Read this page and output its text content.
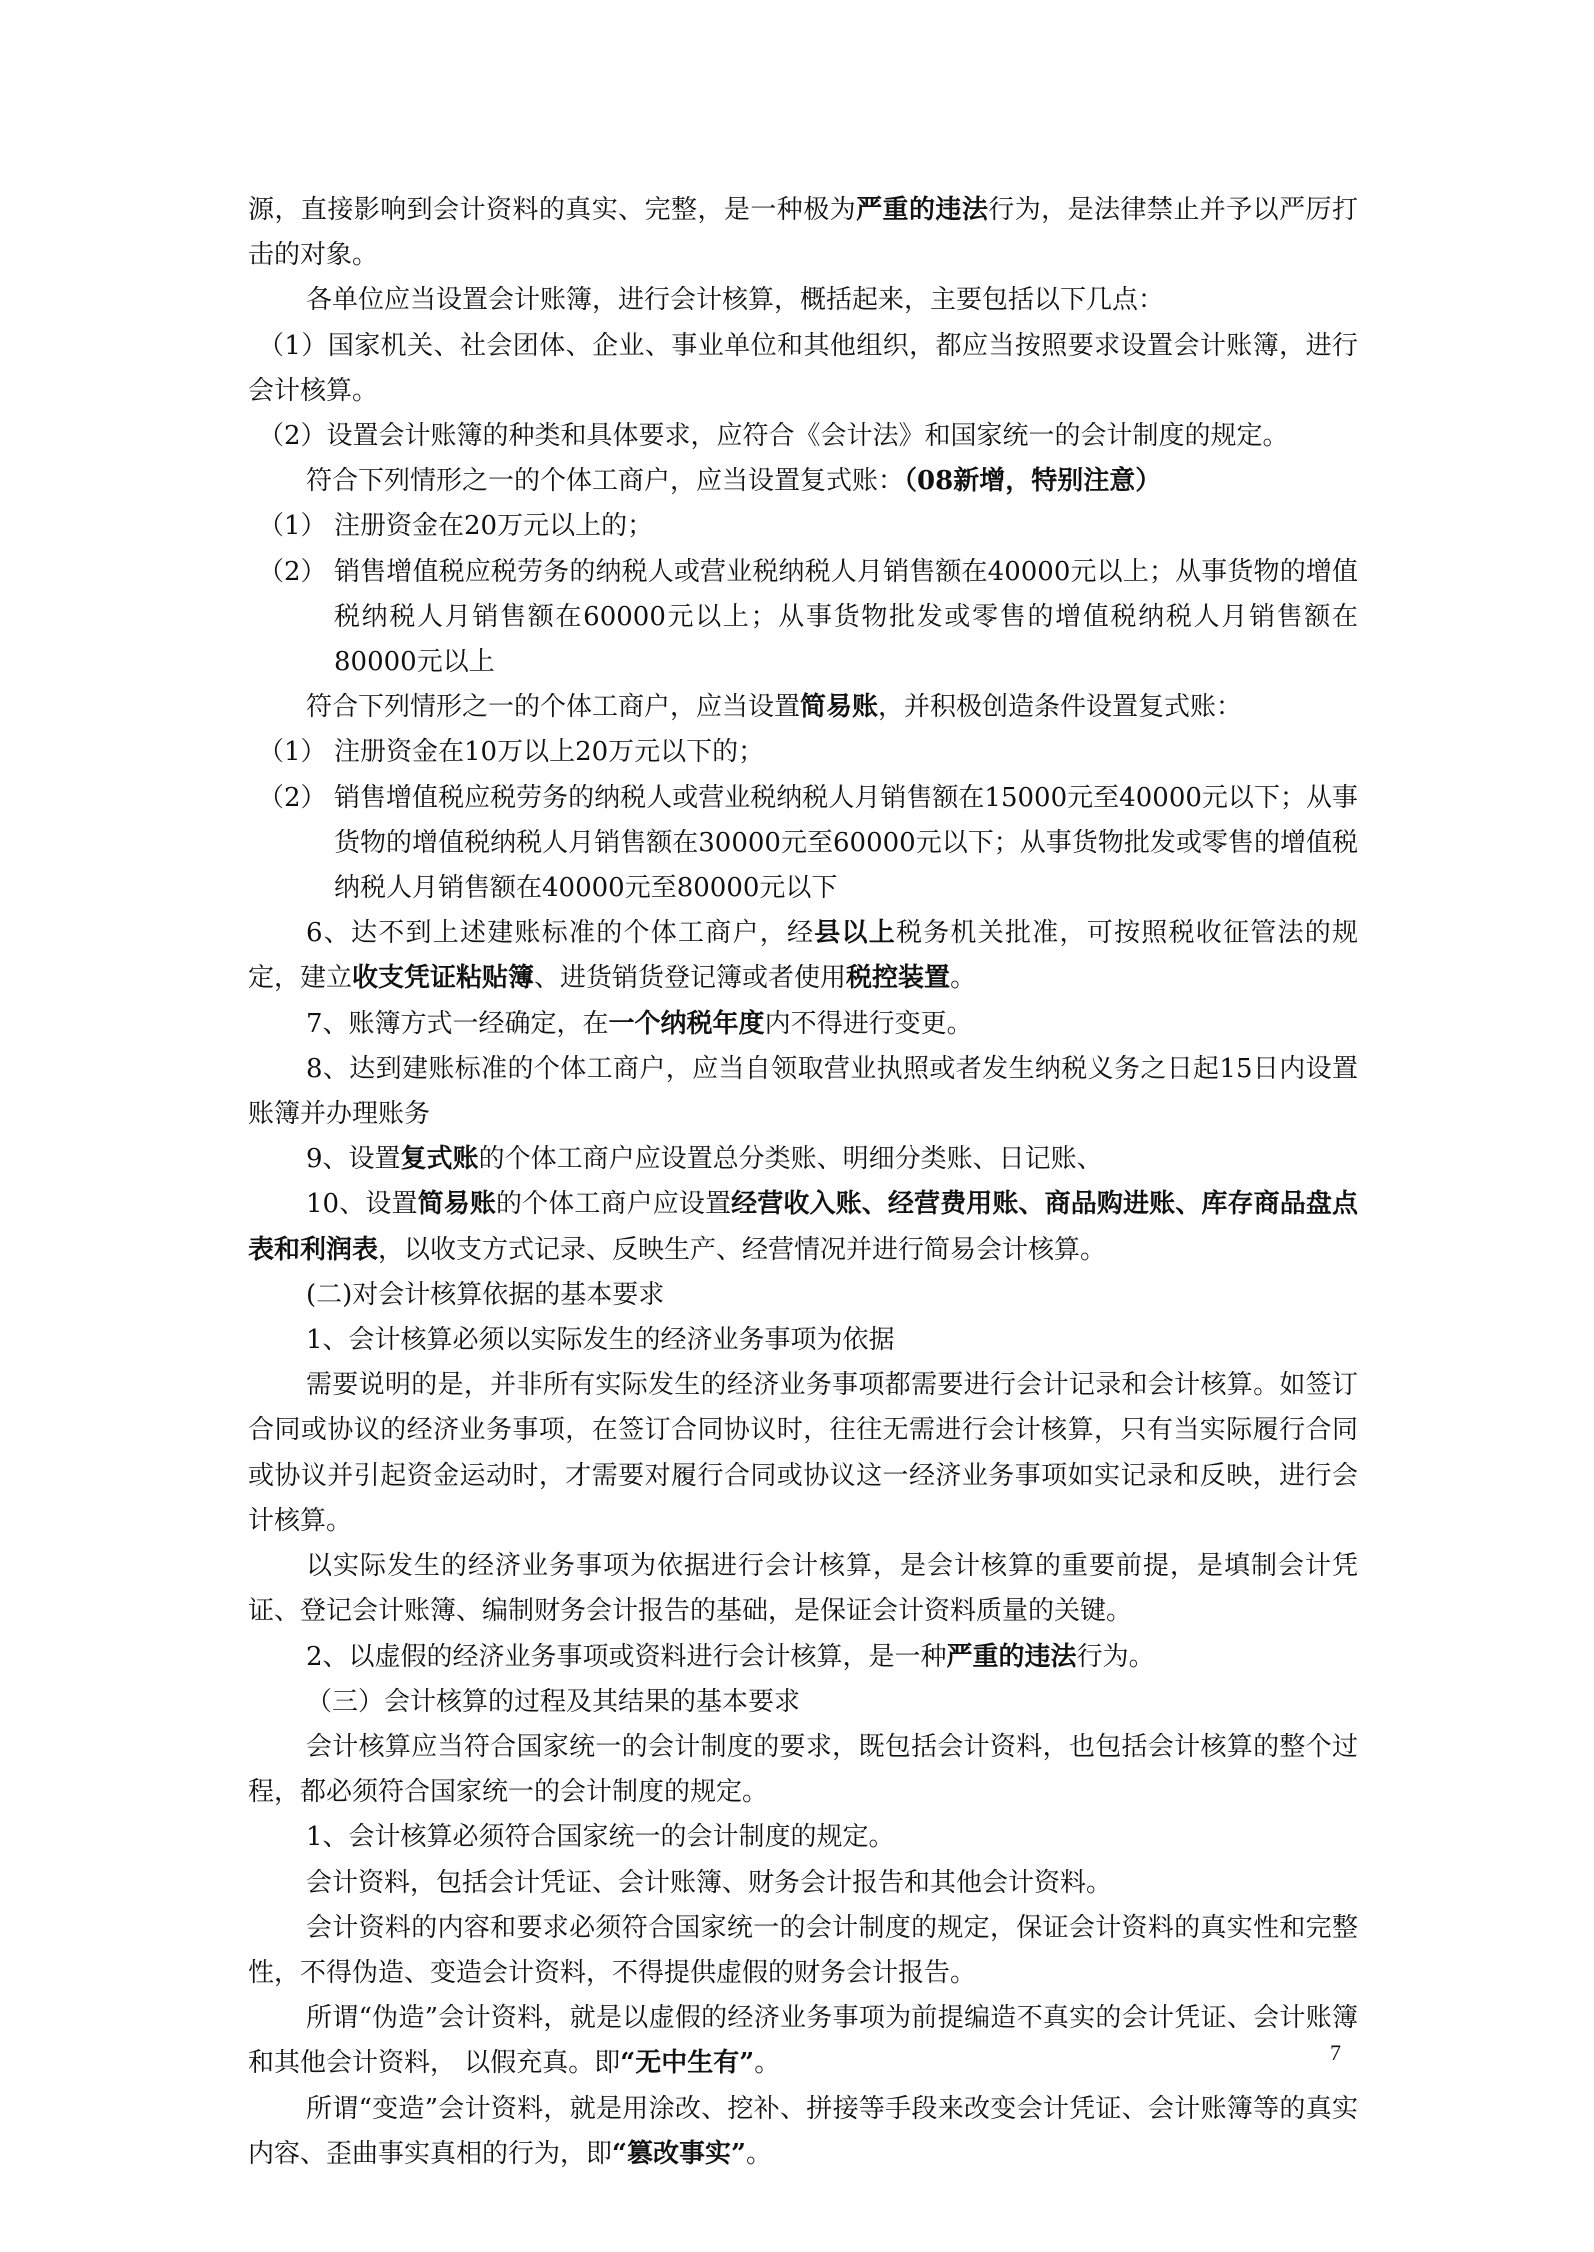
源，直接影响到会计资料的真实、完整，是一种极为严重的违法行为，是法律禁止并予以严厉打击的对象。
各单位应当设置会计账簿，进行会计核算，概括起来，主要包括以下几点：
（1）国家机关、社会团体、企业、事业单位和其他组织，都应当按照要求设置会计账簿，进行会计核算。
（2）设置会计账簿的种类和具体要求，应符合《会计法》和国家统一的会计制度的规定。
符合下列情形之一的个体工商户，应当设置复式账：（08新增，特别注意）
（1） 注册资金在20万元以上的；
（2） 销售增值税应税劳务的纳税人或营业税纳税人月销售额在40000元以上；从事货物的增值税纳税人月销售额在60000元以上；从事货物批发或零售的增值税纳税人月销售额在80000元以上
符合下列情形之一的个体工商户，应当设置简易账，并积极创造条件设置复式账：
（1） 注册资金在10万以上20万元以下的；
（2） 销售增值税应税劳务的纳税人或营业税纳税人月销售额在15000元至40000元以下；从事货物的增值税纳税人月销售额在30000元至60000元以下；从事货物批发或零售的增值税纳税人月销售额在40000元至80000元以下
6、达不到上述建账标准的个体工商户，经县以上税务机关批准，可按照税收征管法的规定，建立收支凭证粘贴簿、进货销货登记簿或者使用税控装置。
7、账簿方式一经确定，在一个纳税年度内不得进行变更。
8、达到建账标准的个体工商户，应当自领取营业执照或者发生纳税义务之日起15日内设置账簿并办理账务
9、设置复式账的个体工商户应设置总分类账、明细分类账、日记账、
10、设置简易账的个体工商户应设置经营收入账、经营费用账、商品购进账、库存商品盘点表和利润表，以收支方式记录、反映生产、经营情况并进行简易会计核算。
(二)对会计核算依据的基本要求
1、会计核算必须以实际发生的经济业务事项为依据
需要说明的是，并非所有实际发生的经济业务事项都需要进行会计记录和会计核算。如签订合同或协议的经济业务事项，在签订合同协议时，往往无需进行会计核算，只有当实际履行合同或协议并引起资金运动时，才需要对履行合同或协议这一经济业务事项如实记录和反映，进行会计核算。
以实际发生的经济业务事项为依据进行会计核算，是会计核算的重要前提，是填制会计凭证、登记会计账簿、编制财务会计报告的基础，是保证会计资料质量的关键。
2、以虚假的经济业务事项或资料进行会计核算，是一种严重的违法行为。
（三）会计核算的过程及其结果的基本要求
会计核算应当符合国家统一的会计制度的要求，既包括会计资料，也包括会计核算的整个过程，都必须符合国家统一的会计制度的规定。
1、会计核算必须符合国家统一的会计制度的规定。
会计资料，包括会计凭证、会计账簿、财务会计报告和其他会计资料。
会计资料的内容和要求必须符合国家统一的会计制度的规定，保证会计资料的真实性和完整性，不得伪造、变造会计资料，不得提供虚假的财务会计报告。
所谓“伪造”会计资料，就是以虚假的经济业务事项为前提编造不真实的会计凭证、会计账簿和其他会计资料， 以假充真。即“无中生有”。
所谓“变造”会计资料，就是用涂改、挖补、拼接等手段来改变会计凭证、会计账簿等的真实内容、歪曲事实真相的行为，即“篡改事实”。
7
